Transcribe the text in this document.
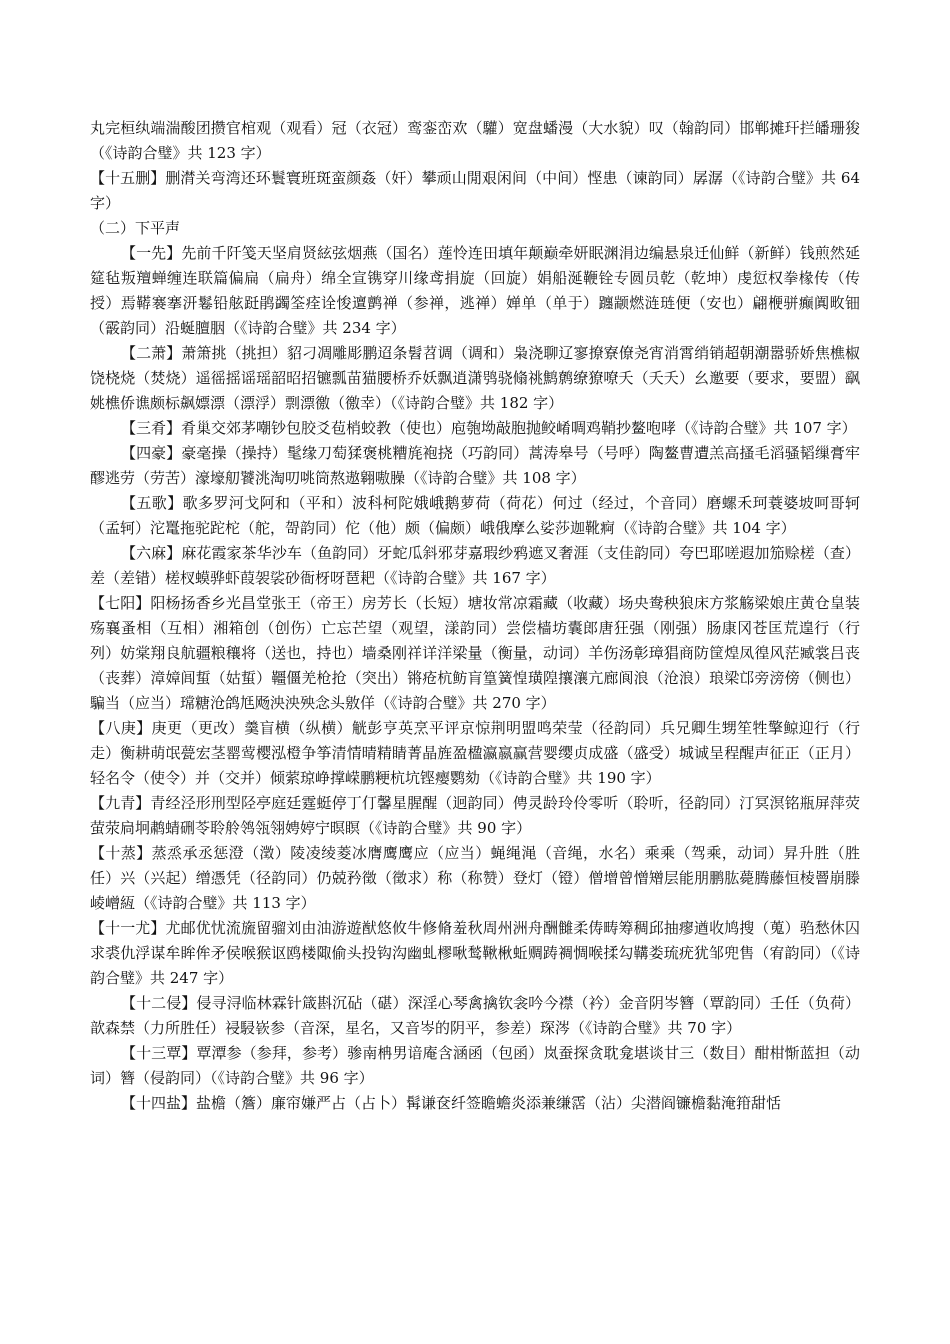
丸完桓纨端湍酸团攒官棺观（观看）冠（衣冠）鸾銮峦欢（驩）宽盘蟠漫（大水貌）叹（翰韵同）邯郸摊玕拦皤珊狻（《诗韵合璧》共 123 字）

【十五删】删潸关弯湾还环鬟寰班斑蛮颜姦（奸）攀顽山閒艰闲间（中间）悭患（谏韵同）孱潺（《诗韵合璧》共 64 字）

（二）下平声

【一先】先前千阡笺天坚肩贤絃弦烟燕（国名）莲怜连田填年颠巅牵妍眠渊涓边编悬泉迁仙鲜（新鲜）钱煎然延筵毡叛羶蝉缠连联篇偏扁（扁舟）绵全宣镌穿川缘鸢捐旋（回旋）娟船涎鞭铨专圆员乾（乾坤）虔愆权拳椽传（传授）焉鞯褰搴汧鬈铅舷跹鹃蠲筌痊诠悛邅鹯禅（参禅，逃禅）婵单（单于）躔颛燃涟琏便（安也）翩楩骈癫阗畋钿（霰韵同）沿蜒膻胭（《诗韵合璧》共 234 字）

【二萧】萧箫挑（挑担）貂刁凋雕彫鹏迢条髫苕调（调和）枭浇聊辽寥撩寮僚尧宵消霄绡销超朝潮嚣骄娇焦樵椒饶桡烧（焚烧）遥徭摇谣瑶韶昭招镳瓢苗猫腰桥乔妖飘逍潇鸮骁翛祧鹪鹩缭獠嘹夭（夭夭）幺邀要（要求，要盟）飖姚樵侨谯颇标飙嫖漂（漂浮）剽漂徼（徼幸）（《诗韵合璧》共 182 字）

【三肴】肴巢交郊茅嘲钞包胶爻苞梢蛟教（使也）庖匏坳敲胞抛鲛崤啁鸡鞘抄鳌咆哮（《诗韵合璧》共 107 字）

【四豪】豪毫操（操持）髦缘刀萄猱褒桃糟旄袍挠（巧韵同）蒿涛皋号（号呼）陶鳌曹遭羔高搔毛滔骚韬缫膏牢醪逃劳（劳苦）濠壕舠饕洮淘叨咷筒熬遨翱嗷臊（《诗韵合璧》共 108 字）

【五歌】歌多罗河戈阿和（平和）波科柯陀娥峨鹅萝荷（荷花）何过（经过，个音同）磨螺禾珂蓑婆坡呵哥轲（孟轲）沱鼍拖驼跎柁（舵，哿韵同）佗（他）颇（偏颇）峨俄摩么娑莎迦靴痾（《诗韵合璧》共 104 字）

【六麻】麻花霞家茶华沙车（鱼韵同）牙蛇瓜斜邪芽嘉瑕纱鸦遮叉奢涯（支佳韵同）夸巴耶嗟遐加笳赊槎（查）差（差错）槎杈蟆骅虾葭袈裟砂衙枒呀琶耙（《诗韵合璧》共 167 字）

【七阳】阳杨扬香乡光昌堂张王（帝王）房芳长（长短）塘妆常凉霜藏（收藏）场央鸯秧狼床方浆觞梁娘庄黄仓皇装殇襄蚤相（互相）湘箱创（创伤）亡忘芒望（观望，漾韵同）尝偿樯坊囊郎唐狂强（刚强）肠康冈苍匡荒遑行（行列）妨棠翔良航疆粮穰将（送也，持也）墙桑刚祥详洋梁量（衡量，动词）羊伤汤彰璋猖商防筐煌凤徨风茫臧裳吕丧（丧葬）漳嫜闾蜇（姑蜇）韁僵羌枪抢（突出）锵疮杭鲂肓篁簧惶璜隍攘瀼亢廊阆浪（沧浪）琅梁邙旁滂傍（侧也）騙当（应当）瑺糖沧鸽尪飏泱泱殃念头敫佯（《诗韵合璧》共 270 字）

【八庚】庚更（更改）羹盲横（纵横）觥彭亨英烹平评京惊荆明盟鸣荣莹（径韵同）兵兄卿生甥笙牲擎鲸迎行（行走）衡耕萌氓甍宏茎罂莺樱泓橙争筝清情晴精睛菁晶旌盈楹瀛嬴赢营婴缨贞成盛（盛受）城诚呈程醒声征正（正月）轻名令（使令）并（交并）倾萦琼峥撑嵘鹏粳杭坑铿瘿鹦劾（《诗韵合璧》共 190 字）

【九青】青经泾形刑型陉亭庭廷霆蜓停丁仃馨星腥醒（迥韵同）俜灵龄玲伶零听（聆听，径韵同）汀冥溟铭瓶屏萍荧萤荥扃坰鹔蜻硎苓聆舲鸰瓴翎娉婷宁暝瞑（《诗韵合璧》共 90 字）

【十蒸】蒸烝承丞惩澄（澂）陵凌绫菱冰膺鹰鹰应（应当）蝇绳渑（音绳，水名）乘乘（驾乘，动词）昇升胜（胜任）兴（兴起）缯憑凭（径韵同）仍兢矜徵（徵求）称（称赞）登灯（镫）僧增曾憎矰层能朋鹏肱薨腾藤恒棱罾崩滕崚嶒絚（《诗韵合璧》共 113 字）

【十一尤】尤邮优忧流旒留骝刘由油游遊猷悠攸牛修脩羞秋周州洲舟酬雠柔俦畴筹稠邱抽瘳遒收鸠搜（蒐）驺愁休囚求裘仇浮谋牟眸侔矛侯喉猴讴鸥楼陬偷头投钩沟幽虬樛啾鹙鞦楸蚯赒踌裯惆喉揉勾鞲娄琉疣犹邹兜售（宥韵同）（《诗韵合璧》共 247 字）

【十二侵】侵寻浔临林霖针箴斟沉砧（碪）深淫心琴禽擒钦衾吟今襟（衿）金音阴岑簪（覃韵同）壬任（负荷）歆森禁（力所胜任）祲駸嵚参（音深，星名，又音岑的阴平，参差）琛涔（《诗韵合璧》共 70 字）

【十三覃】覃潭参（参拜，参考）骖南柟男谙庵含涵函（包函）岚蚕探贪耽龛堪谈甘三（数目）酣柑惭蓝担（动词）簪（侵韵同）（《诗韵合璧》共 96 字）

【十四盐】盐檐（簷）廉帘嫌严占（占卜）髯谦奁纤签瞻蟾炎添兼缣霑（沾）尖潜阎镰檐黏淹箝甜恬
